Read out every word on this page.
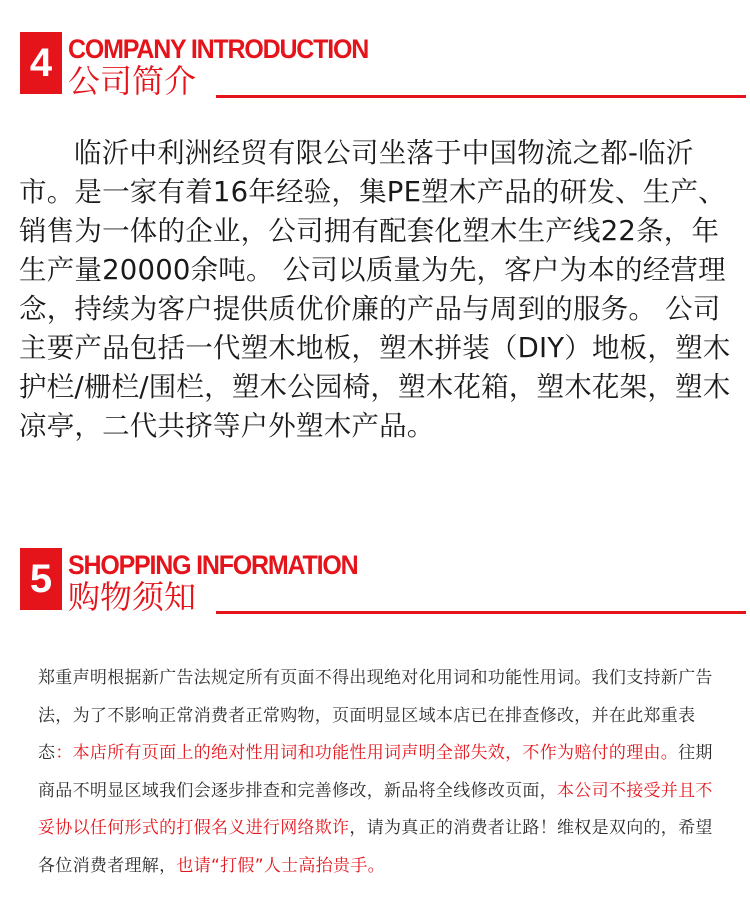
4 COMPANY INTRODUCTION
公司简介

临沂中利洲经贸有限公司坐落于中国物流之都-临沂市。是一家有着16年经验，集PE塑木产品的研发、生产、销售为一体的企业，公司拥有配套化塑木生产线22条，年生产量20000余吨。 公司以质量为先，客户为本的经营理念，持续为客户提供质优价廉的产品与周到的服务。 公司主要产品包括一代塑木地板，塑木拼装（DIY）地板，塑木护栏/栅栏/围栏，塑木公园椅，塑木花箱，塑木花架，塑木凉亭，二代共挤等户外塑木产品。

5 SHOPPING INFORMATION
购物须知

郑重声明根据新广告法规定所有页面不得出现绝对化用词和功能性用词。我们支持新广告法，为了不影响正常消费者正常购物，页面明显区域本店已在排查修改，并在此郑重表态：本店所有页面上的绝对性用词和功能性用词声明全部失效，不作为赔付的理由。往期商品不明显区域我们会逐步排查和完善修改，新品将全线修改页面，本公司不接受并且不妥协以任何形式的打假名义进行网络欺诈，请为真正的消费者让路！维权是双向的，希望各位消费者理解，也请“打假”人士高抬贵手。
